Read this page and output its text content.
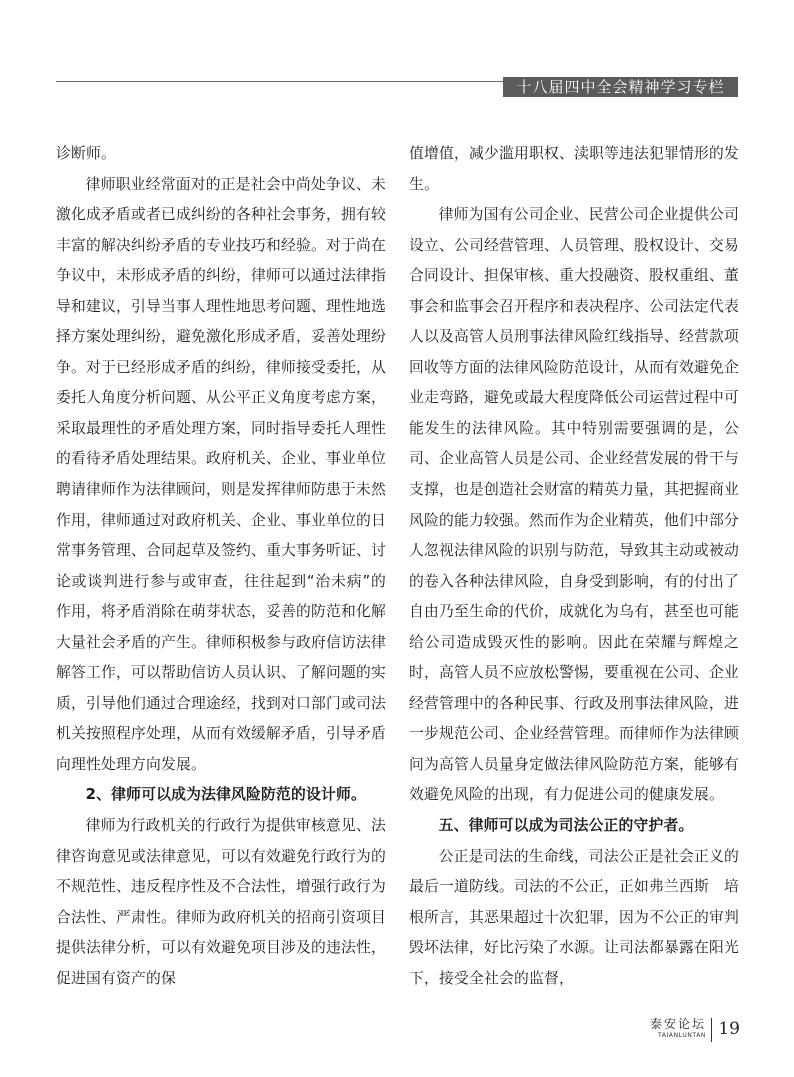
十八届四中全会精神学习专栏

诊断师。

律师职业经常面对的正是社会中尚处争议、未激化成矛盾或者已成纠纷的各种社会事务，拥有较丰富的解决纠纷矛盾的专业技巧和经验。对于尚在争议中，未形成矛盾的纠纷，律师可以通过法律指导和建议，引导当事人理性地思考问题、理性地选择方案处理纠纷，避免激化形成矛盾，妥善处理纷争。对于已经形成矛盾的纠纷，律师接受委托，从委托人角度分析问题、从公平正义角度考虑方案，采取最理性的矛盾处理方案，同时指导委托人理性的看待矛盾处理结果。政府机关、企业、事业单位聘请律师作为法律顾问，则是发挥律师防患于未然作用，律师通过对政府机关、企业、事业单位的日常事务管理、合同起草及签约、重大事务听证、讨论或谈判进行参与或审查，往往起到“治未病”的作用，将矛盾消除在萌芽状态，妥善的防范和化解大量社会矛盾的产生。律师积极参与政府信访法律解答工作，可以帮助信访人员认识、了解问题的实质，引导他们通过合理途经，找到对口部门或司法机关按照程序处理，从而有效缓解矛盾，引导矛盾向理性处理方向发展。

2、律师可以成为法律风险防范的设计师。

律师为行政机关的行政行为提供审核意见、法律咨询意见或法律意见，可以有效避免行政行为的不规范性、违反程序性及不合法性，增强行政行为合法性、严肃性。律师为政府机关的招商引资项目提供法律分析，可以有效避免项目涉及的违法性，促进国有资产的保

值增值，减少滥用职权、渎职等违法犯罪情形的发生。

律师为国有公司企业、民营公司企业提供公司设立、公司经营管理、人员管理、股权设计、交易合同设计、担保审核、重大投融资、股权重组、董事会和监事会召开程序和表决程序、公司法定代表人以及高管人员刑事法律风险红线指导、经营款项回收等方面的法律风险防范设计，从而有效避免企业走弯路，避免或最大程度降低公司运营过程中可能发生的法律风险。其中特别需要强调的是，公司、企业高管人员是公司、企业经营发展的骨干与支撑，也是创造社会财富的精英力量，其把握商业风险的能力较强。然而作为企业精英，他们中部分人忽视法律风险的识别与防范，导致其主动或被动的卷入各种法律风险，自身受到影响，有的付出了自由乃至生命的代价，成就化为乌有，甚至也可能给公司造成毁灭性的影响。因此在荣耀与辉煌之时，高管人员不应放松警惕，要重视在公司、企业经营管理中的各种民事、行政及刑事法律风险，进一步规范公司、企业经营管理。而律师作为法律顾问为高管人员量身定做法律风险防范方案，能够有效避免风险的出现，有力促进公司的健康发展。

五、律师可以成为司法公正的守护者。

公正是司法的生命线，司法公正是社会正义的最后一道防线。司法的不公正，正如弗兰西斯　培根所言，其恶果超过十次犯罪，因为不公正的审判毁坏法律，好比污染了水源。让司法都暴露在阳光下，接受全社会的监督，

泰安论坛
TAIANLUNTAN 19
